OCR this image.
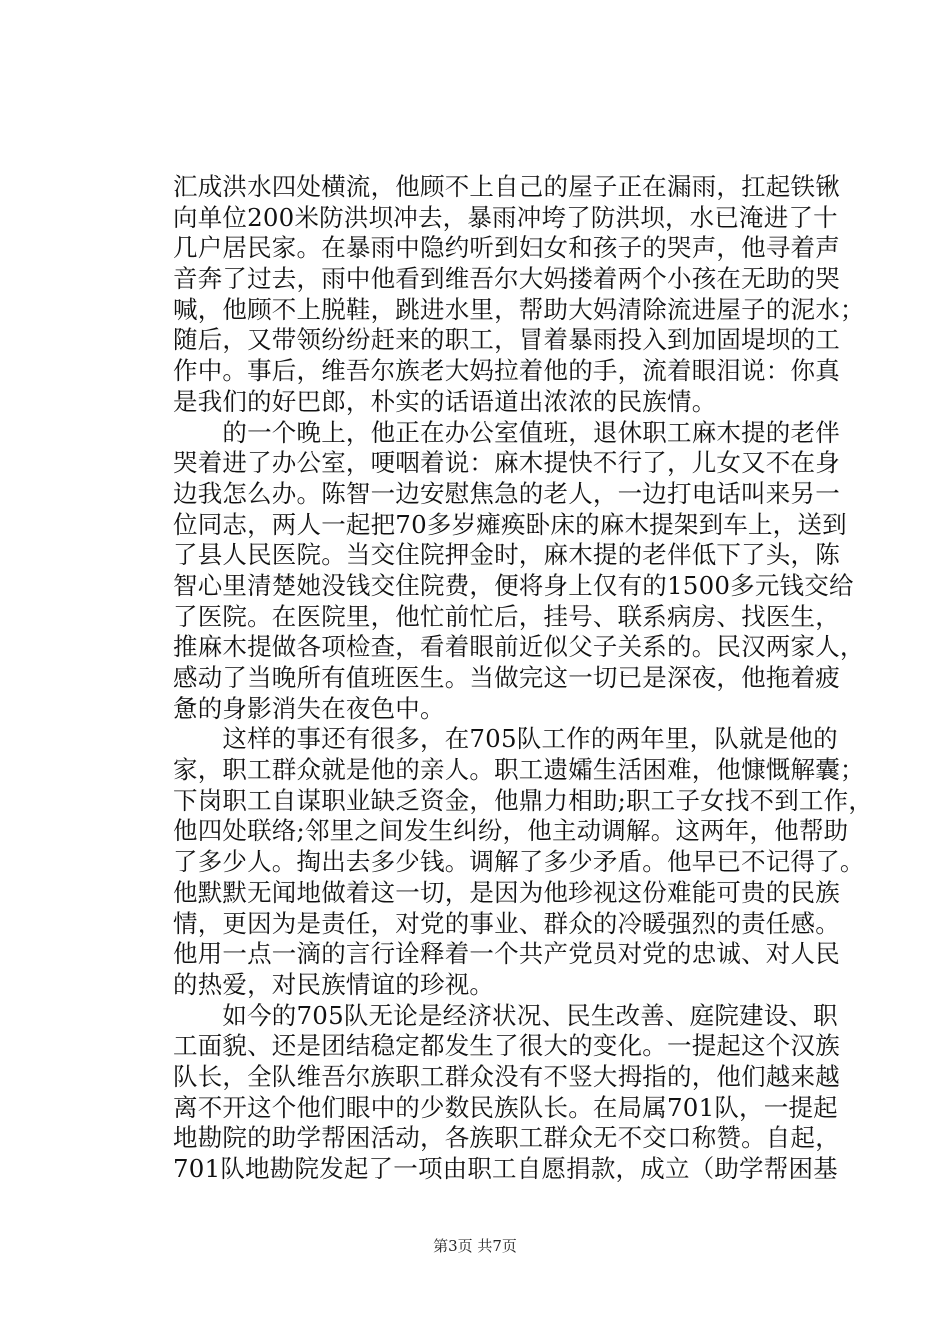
汇成洪水四处横流，他顾不上自己的屋子正在漏雨，扛起铁锹
向单位200米防洪坝冲去，暴雨冲垮了防洪坝，水已淹进了十
几户居民家。在暴雨中隐约听到妇女和孩子的哭声，他寻着声
音奔了过去，雨中他看到维吾尔大妈搂着两个小孩在无助的哭
喊，他顾不上脱鞋，跳进水里，帮助大妈清除流进屋子的泥水；
随后，又带领纷纷赶来的职工，冒着暴雨投入到加固堤坝的工
作中。事后，维吾尔族老大妈拉着他的手，流着眼泪说：你真
是我们的好巴郎，朴实的话语道出浓浓的民族情。
　　的一个晚上，他正在办公室值班，退休职工麻木提的老伴
哭着进了办公室，哽咽着说：麻木提快不行了，儿女又不在身
边我怎么办。陈智一边安慰焦急的老人，一边打电话叫来另一
位同志，两人一起把70多岁瘫痪卧床的麻木提架到车上，送到
了县人民医院。当交住院押金时，麻木提的老伴低下了头，陈
智心里清楚她没钱交住院费，便将身上仅有的1500多元钱交给
了医院。在医院里，他忙前忙后，挂号、联系病房、找医生，
推麻木提做各项检查，看着眼前近似父子关系的。民汉两家人，
感动了当晚所有值班医生。当做完这一切已是深夜，他拖着疲
惫的身影消失在夜色中。
　　这样的事还有很多，在705队工作的两年里，队就是他的
家，职工群众就是他的亲人。职工遗孀生活困难，他慷慨解囊；
下岗职工自谋职业缺乏资金，他鼎力相助;职工子女找不到工作，
他四处联络;邻里之间发生纠纷，他主动调解。这两年，他帮助
了多少人。掏出去多少钱。调解了多少矛盾。他早已不记得了。
他默默无闻地做着这一切，是因为他珍视这份难能可贵的民族
情，更因为是责任，对党的事业、群众的冷暖强烈的责任感。
他用一点一滴的言行诠释着一个共产党员对党的忠诚、对人民
的热爱，对民族情谊的珍视。
　　如今的705队无论是经济状况、民生改善、庭院建设、职
工面貌、还是团结稳定都发生了很大的变化。一提起这个汉族
队长，全队维吾尔族职工群众没有不竖大拇指的，他们越来越
离不开这个他们眼中的少数民族队长。在局属701队，一提起
地勘院的助学帮困活动，各族职工群众无不交口称赞。自起，
701队地勘院发起了一项由职工自愿捐款，成立（助学帮困基
第3页 共7页
